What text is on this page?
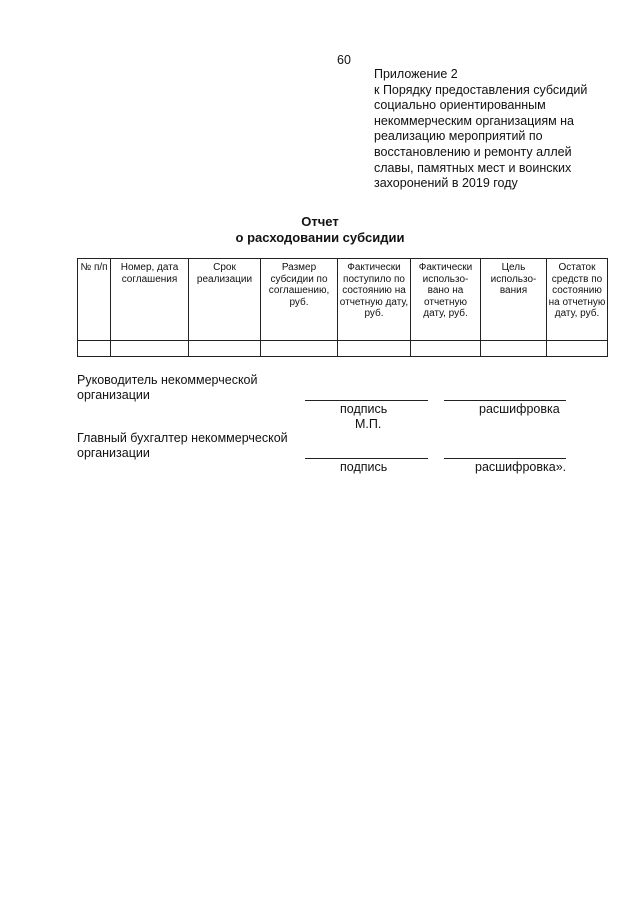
60
Приложение 2
к Порядку предоставления субсидий
социально ориентированным
некоммерческим организациям на
реализацию мероприятий по
восстановлению и ремонту аллей
славы, памятных мест и воинских
захоронений в 2019 году
Отчет
о расходовании субсидии
№ п/п	Номер, дата соглашения	Срок реализации	Размер субсидии по соглашению, руб.	Фактически поступило по состоянию на отчетную дату, руб.	Фактически использо-вано на отчетную дату, руб.	Цель использо-вания	Остаток средств по состоянию на отчетную дату, руб.

Руководитель некоммерческой
организации
подпись	расшифровка
М.П.
Главный бухгалтер некоммерческой
организации
подпись	расшифровка».
